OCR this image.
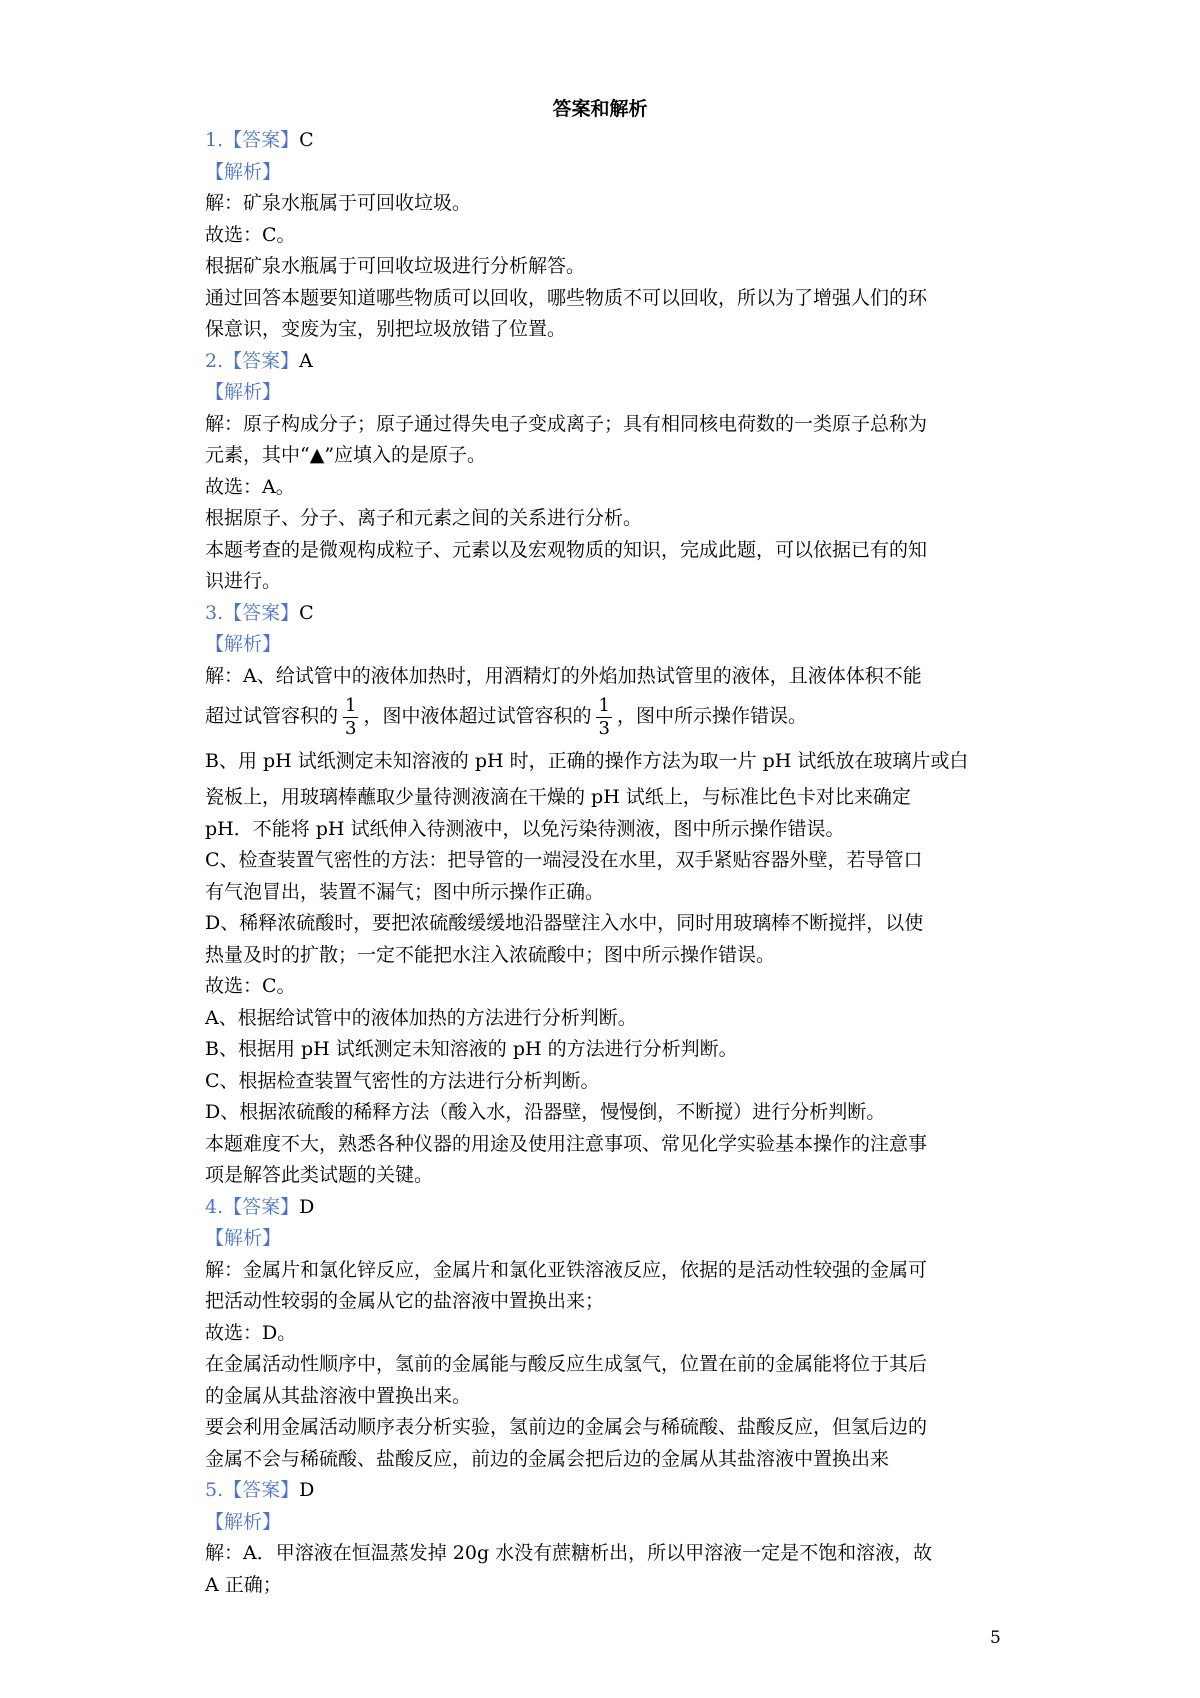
答案和解析
1.【答案】C
【解析】
解：矿泉水瓶属于可回收垃圾。
故选：C。
根据矿泉水瓶属于可回收垃圾进行分析解答。
通过回答本题要知道哪些物质可以回收，哪些物质不可以回收，所以为了增强人们的环
保意识，变废为宝，别把垃圾放错了位置。
2.【答案】A
【解析】
解：原子构成分子；原子通过得失电子变成离子；具有相同核电荷数的一类原子总称为
元素，其中“▲”应填入的是原子。
故选：A。
根据原子、分子、离子和元素之间的关系进行分析。
本题考查的是微观构成粒子、元素以及宏观物质的知识，完成此题，可以依据已有的知
识进行。
3.【答案】C
【解析】
解：A、给试管中的液体加热时，用酒精灯的外焰加热试管里的液体，且液体体积不能
超过试管容积的 $\frac{1}{3}$ ，图中液体超过试管容积的 $\frac{1}{3}$ ，图中所示操作错误。
B、用 pH 试纸测定未知溶液的 pH 时，正确的操作方法为取一片 pH 试纸放在玻璃片或白
瓷板上，用玻璃棒蘸取少量待测液滴在干燥的 pH 试纸上，与标准比色卡对比来确定
pH．不能将 pH 试纸伸入待测液中，以免污染待测液，图中所示操作错误。
C、检查装置气密性的方法：把导管的一端浸没在水里，双手紧贴容器外壁，若导管口
有气泡冒出，装置不漏气；图中所示操作正确。
D、稀释浓硫酸时，要把浓硫酸缓缓地沿器壁注入水中，同时用玻璃棒不断搅拌，以使
热量及时的扩散；一定不能把水注入浓硫酸中；图中所示操作错误。
故选：C。
A、根据给试管中的液体加热的方法进行分析判断。
B、根据用 pH 试纸测定未知溶液的 pH 的方法进行分析判断。
C、根据检查装置气密性的方法进行分析判断。
D、根据浓硫酸的稀释方法（酸入水，沿器壁，慢慢倒，不断搅）进行分析判断。
本题难度不大，熟悉各种仪器的用途及使用注意事项、常见化学实验基本操作的注意事
项是解答此类试题的关键。
4.【答案】D
【解析】
解：金属片和氯化锌反应，金属片和氯化亚铁溶液反应，依据的是活动性较强的金属可
把活动性较弱的金属从它的盐溶液中置换出来；
故选：D。
在金属活动性顺序中，氢前的金属能与酸反应生成氢气，位置在前的金属能将位于其后
的金属从其盐溶液中置换出来。
要会利用金属活动顺序表分析实验，氢前边的金属会与稀硫酸、盐酸反应，但氢后边的
金属不会与稀硫酸、盐酸反应，前边的金属会把后边的金属从其盐溶液中置换出来
5.【答案】D
【解析】
解：A．甲溶液在恒温蒸发掉 20g 水没有蔗糖析出，所以甲溶液一定是不饱和溶液，故
A 正确；
5
